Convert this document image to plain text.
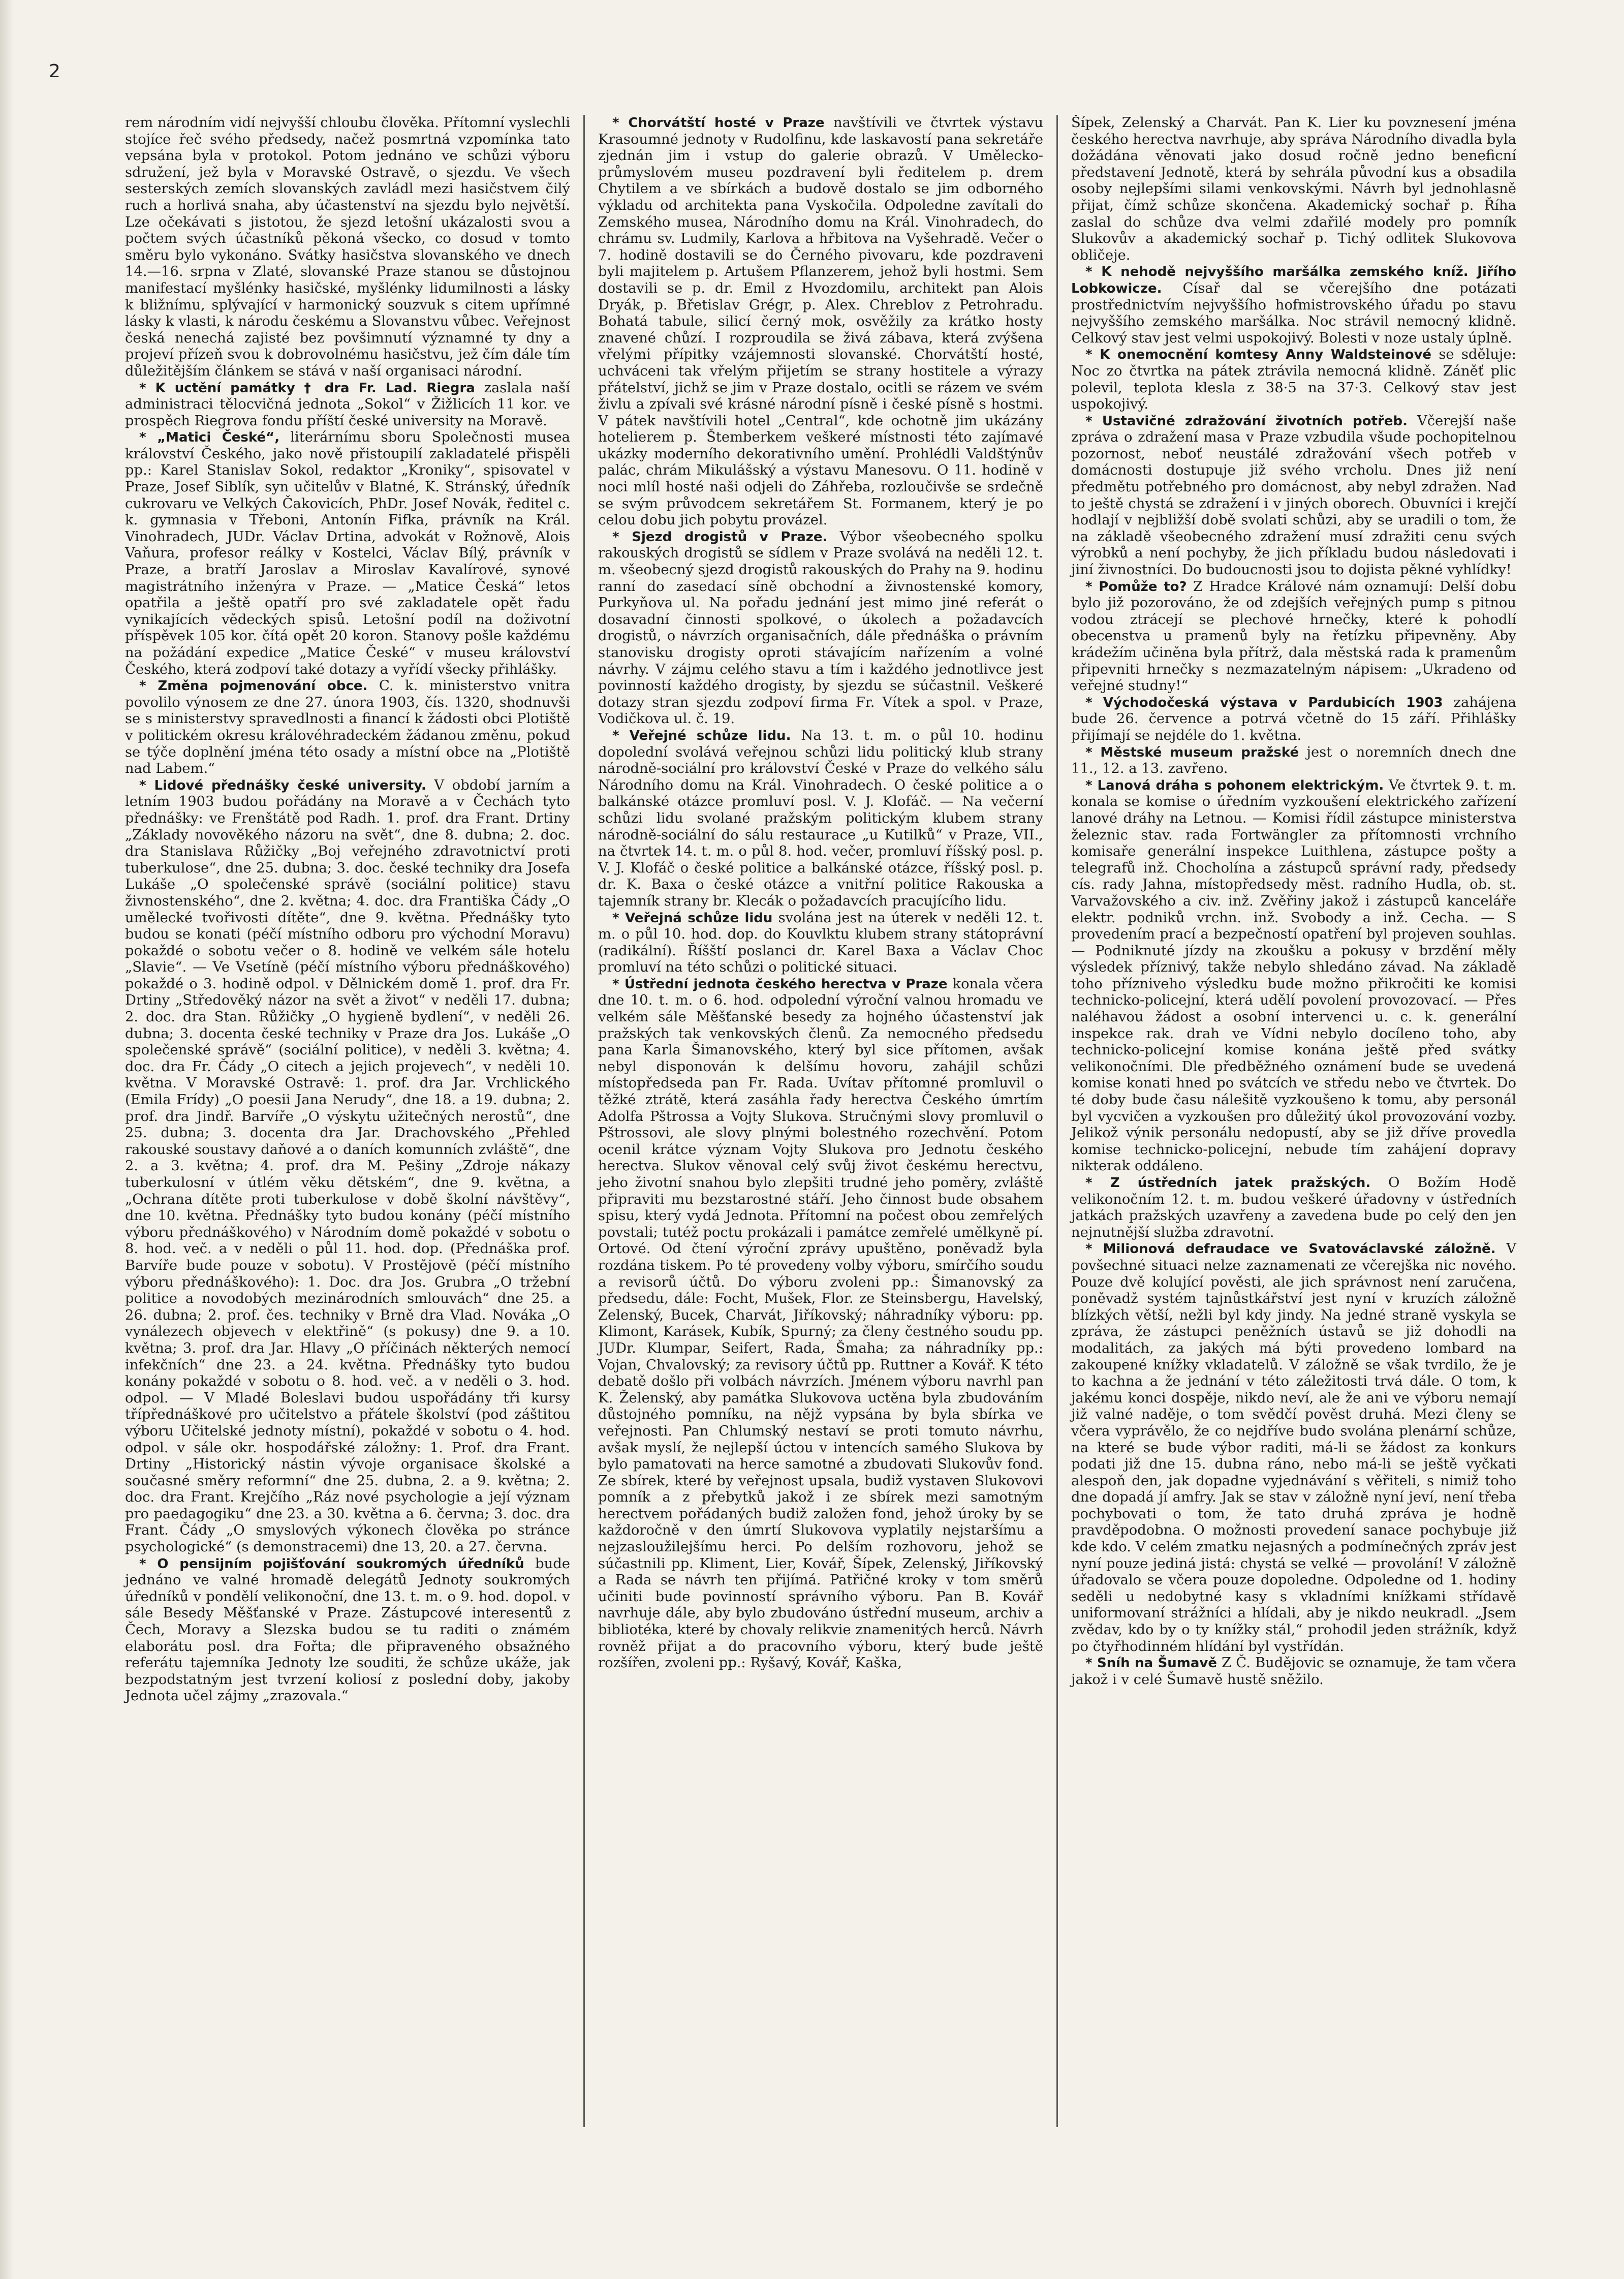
2

rem národním vidí nejvyšší chloubu člověka. Přítomní vyslechli stojíce řeč svého předsedy, načež posmrtná vzpomínka tato vepsána byla v protokol. Potom jednáno ve schůzi výboru sdružení, jež byla v Moravské Ostravě, o sjezdu. Ve všech sesterských zemích slovanských zavládl mezi hasičstvem čilý ruch a horlivá snaha, aby účastenství na sjezdu bylo největší. Lze očekávati s jistotou, že sjezd letošní ukázalosti svou a počtem svých účastníků pěkoná všecko, co dosud v tomto směru bylo vykonáno. Svátky hasičstva slovanského ve dnech 14.—16. srpna v Zlaté, slovanské Praze stanou se důstojnou manifestací myšlénky hasičské, myšlénky lidumilnosti a lásky k bližnímu, splývající v harmonický souzvuk s citem upřímné lásky k vlasti, k národu českému a Slovanstvu vůbec. Veřejnost česká nenechá zajisté bez povšimnutí významné ty dny a projeví přízeň svou k dobrovolnému hasičstvu, jež čím dále tím důležitějším článkem se stává v naší organisaci národní.

* K uctění památky † dra Fr. Lad. Riegra zaslala naší administraci tělocvičná jednota „Sokol“ v Žižlicích 11 kor. ve prospěch Riegrova fondu příští české university na Moravě.

* „Matici České“, literárnímu sboru Společnosti musea království Českého, jako nově přistoupilí zakladatelé přispěli pp.: Karel Stanislav Sokol, redaktor „Kroniky“, spisovatel v Praze, Josef Siblík, syn učitelův v Blatné, K. Stránský, úředník cukrovaru ve Velkých Čakovicích, PhDr. Josef Novák, ředitel c. k. gymnasia v Třeboni, Antonín Fifka, právník na Král. Vinohradech, JUDr. Václav Drtina, advokát v Rožnově, Alois Vaňura, profesor reálky v Kostelci, Václav Bílý, právník v Praze, a bratří Jaroslav a Miroslav Kavalírové, synové magistrátního inženýra v Praze. — „Matice Česká“ letos opatřila a ještě opatří pro své zakladatele opět řadu vynikajících vědeckých spisů. Letošní podíl na doživotní příspěvek 105 kor. čítá opět 20 koron. Stanovy pošle každému na požádání expedice „Matice České“ v museu království Českého, která zodpoví také dotazy a vyřídí všecky přihlášky.

* Změna pojmenování obce. C. k. ministerstvo vnitra povolilo výnosem ze dne 27. února 1903, čís. 1320, shodnuvši se s ministerstvy spravedlnosti a financí k žádosti obci Plotiště v politickém okresu královéhradeckém žádanou změnu, pokud se týče doplnění jména této osady a místní obce na „Plotiště nad Labem.“

* Lidové přednášky české university. V období jarním a letním 1903 budou pořádány na Moravě a v Čechách tyto přednášky: ve Frenštátě pod Radh. 1. prof. dra Frant. Drtiny „Základy novověkého názoru na svět“, dne 8. dubna; 2. doc. dra Stanislava Růžičky „Boj veřejného zdravotnictví proti tuberkulose“, dne 25. dubna; 3. doc. české techniky dra Josefa Lukáše „O společenské správě (sociální politice) stavu živnostenského“, dne 2. května; 4. doc. dra Františka Čády „O umělecké tvořivosti dítěte“, dne 9. května. Přednášky tyto budou se konati (péčí místního odboru pro východní Moravu) pokaždé o sobotu večer o 8. hodině ve velkém sále hotelu „Slavie“. — Ve Vsetíně (péčí místního výboru přednáškového) pokaždé o 3. hodině odpol. v Dělnickém domě 1. prof. dra Fr. Drtiny „Středověký názor na svět a život“ v neděli 17. dubna; 2. doc. dra Stan. Růžičky „O hygieně bydlení“, v neděli 26. dubna; 3. docenta české techniky v Praze dra Jos. Lukáše „O společenské správě“ (sociální politice), v neděli 3. května; 4. doc. dra Fr. Čády „O citech a jejich projevech“, v neděli 10. května. V Moravské Ostravě: 1. prof. dra Jar. Vrchlického (Emila Frídy) „O poesii Jana Nerudy“, dne 18. a 19. dubna; 2. prof. dra Jindř. Barvíře „O výskytu užitečných nerostů“, dne 25. dubna; 3. docenta dra Jar. Drachovského „Přehled rakouské soustavy daňové a o daních komunních zvláště“, dne 2. a 3. května; 4. prof. dra M. Pešiny „Zdroje nákazy tuberkulosní v útlém věku dětském“, dne 9. května, a „Ochrana dítěte proti tuberkulose v době školní návštěvy“, dne 10. května. Přednášky tyto budou konány (péčí místního výboru přednáškového) v Národním domě pokaždé v sobotu o 8. hod. več. a v neděli o půl 11. hod. dop. (Přednáška prof. Barvíře bude pouze v sobotu). V Prostějově (péčí místního výboru přednáškového): 1. Doc. dra Jos. Grubra „O tržební politice a novodobých mezinárodních smlouvách“ dne 25. a 26. dubna; 2. prof. čes. techniky v Brně dra Vlad. Nováka „O vynálezech objevech v elektřině“ (s pokusy) dne 9. a 10. května; 3. prof. dra Jar. Hlavy „O příčinách některých nemocí infekčních“ dne 23. a 24. května. Přednášky tyto budou konány pokaždé v sobotu o 8. hod. več. a v neděli o 3. hod. odpol. — V Mladé Boleslavi budou uspořádány tři kursy třípřednáškové pro učitelstvo a přátele školství (pod záštitou výboru Učitelské jednoty místní), pokaždé v sobotu o 4. hod. odpol. v sále okr. hospodářské záložny: 1. Prof. dra Frant. Drtiny „Historický nástin vývoje organisace školské a současné směry reformní“ dne 25. dubna, 2. a 9. května; 2. doc. dra Frant. Krejčího „Ráz nové psychologie a její význam pro paedagogiku“ dne 23. a 30. května a 6. června; 3. doc. dra Frant. Čády „O smyslových výkonech člověka po stránce psychologické“ (s demonstracemi) dne 13, 20. a 27. června.

* O pensijním pojišťování soukromých úředníků bude jednáno ve valné hromadě delegátů Jednoty soukromých úředníků v pondělí velikonoční, dne 13. t. m. o 9. hod. dopol. v sále Besedy Měšťanské v Praze. Zástupcové interesentů z Čech, Moravy a Slezska budou se tu raditi o známém elaborátu posl. dra Fořta; dle připraveného obsažného referátu tajemníka Jednoty lze souditi, že schůze ukáže, jak bezpodstatným jest tvrzení koliosí z poslední doby, jakoby Jednota učel zájmy „zrazovala.“

* Chorvátští hosté v Praze navštívili ve čtvrtek výstavu Krasoumné jednoty v Rudolfinu, kde laskavostí pana sekretáře zjednán jim i vstup do galerie obrazů. V Umělecko-průmyslovém museu pozdravení byli ředitelem p. drem Chytilem a ve sbírkách a budově dostalo se jim odborného výkladu od architekta pana Vyskočila. Odpoledne zavítali do Zemského musea, Národního domu na Král. Vinohradech, do chrámu sv. Ludmily, Karlova a hřbitova na Vyšehradě. Večer o 7. hodině dostavili se do Černého pivovaru, kde pozdraveni byli majitelem p. Artušem Pflanzerem, jehož byli hostmi. Sem dostavili se p. dr. Emil z Hvozdomilu, architekt pan Alois Dryák, p. Břetislav Grégr, p. Alex. Chreblov z Petrohradu. Bohatá tabule, silicí černý mok, osvěžily za krátko hosty znavené chůzí. I rozproudila se živá zábava, která zvýšena vřelými přípitky vzájemnosti slovanské. Chorvátští hosté, uchváceni tak vřelým přijetím se strany hostitele a výrazy přátelství, jichž se jim v Praze dostalo, ocitli se rázem ve svém živlu a zpívali své krásné národní písně i české písně s hostmi. V pátek navštívili hotel „Central“, kde ochotně jim ukázány hotelierem p. Štemberkem veškeré místnosti této zajímavé ukázky moderního dekorativního umění. Prohlédli Valdštýnův palác, chrám Mikulášský a výstavu Manesovu. O 11. hodině v noci mlíl hosté naši odjeli do Záhřeba, rozloučivše se srdečně se svým průvodcem sekretářem St. Formanem, který je po celou dobu jich pobytu provázel.

* Sjezd drogistů v Praze. Výbor všeobecného spolku rakouských drogistů se sídlem v Praze svolává na neděli 12. t. m. všeobecný sjezd drogistů rakouských do Prahy na 9. hodinu ranní do zasedací síně obchodní a živnostenské komory, Purkyňova ul. Na pořadu jednání jest mimo jiné referát o dosavadní činnosti spolkové, o úkolech a požadavcích drogistů, o návrzích organisačních, dále přednáška o právním stanovisku drogisty oproti stávajícím nařízením a volné návrhy. V zájmu celého stavu a tím i každého jednotlivce jest povinností každého drogisty, by sjezdu se súčastnil. Veškeré dotazy stran sjezdu zodpoví firma Fr. Vítek a spol. v Praze, Vodičkova ul. č. 19.

* Veřejné schůze lidu. Na 13. t. m. o půl 10. hodinu dopolední svolává veřejnou schůzi lidu politický klub strany národně-sociální pro království České v Praze do velkého sálu Národního domu na Král. Vinohradech. O české politice a o balkánské otázce promluví posl. V. J. Klofáč. — Na večerní schůzi lidu svolané pražským politickým klubem strany národně-sociální do sálu restaurace „u Kutilků“ v Praze, VII., na čtvrtek 14. t. m. o půl 8. hod. večer, promluví říšský posl. p. V. J. Klofáč o české politice a balkánské otázce, říšský posl. p. dr. K. Baxa o české otázce a vnitřní politice Rakouska a tajemník strany br. Klecák o požadavcích pracujícího lidu.

* Veřejná schůze lidu svolána jest na úterek v neděli 12. t. m. o půl 10. hod. dop. do Kouvlktu klubem strany státoprávní (radikální). Říšští poslanci dr. Karel Baxa a Václav Choc promluví na této schůzi o politické situaci.

* Ústřední jednota českého herectva v Praze konala včera dne 10. t. m. o 6. hod. odpolední výroční valnou hromadu ve velkém sále Měšťanské besedy za hojného účastenství jak pražských tak venkovských členů. Za nemocného předsedu pana Karla Šimanovského, který byl sice přítomen, avšak nebyl disponován k delšímu hovoru, zahájil schůzi místopředseda pan Fr. Rada. Uvítav přítomné promluvil o těžké ztrátě, která zasáhla řady herectva Českého úmrtím Adolfa Pštrossa a Vojty Slukova. Stručnými slovy promluvil o Pštrossovi, ale slovy plnými bolestného rozechvění. Potom ocenil krátce význam Vojty Slukova pro Jednotu českého herectva. Slukov věnoval celý svůj život českému herectvu, jeho životní snahou bylo zlepšiti trudné jeho poměry, zvláště připraviti mu bezstarostné stáří. Jeho činnost bude obsahem spisu, který vydá Jednota. Přítomní na počest obou zemřelých povstali; tutéž poctu prokázali i památce zemřelé umělkyně pí. Ortové. Od čtení výroční zprávy upuštěno, poněvadž byla rozdána tiskem. Po té provedeny volby výboru, smírčího soudu a revisorů účtů. Do výboru zvoleni pp.: Šimanovský za předsedu, dále: Focht, Mušek, Flor. ze Steinsbergu, Havelský, Zelenský, Bucek, Charvát, Jiříkovský; náhradníky výboru: pp. Klimont, Karásek, Kubík, Spurný; za členy čestného soudu pp. JUDr. Klumpar, Seifert, Rada, Šmaha; za náhradníky pp.: Vojan, Chvalovský; za revisory účtů pp. Ruttner a Kovář. K této debatě došlo při volbách návrzích. Jménem výboru navrhl pan K. Želenský, aby památka Slukovova uctěna byla zbudováním důstojného pomníku, na nějž vypsána by byla sbírka ve veřejnosti. Pan Chlumský nestaví se proti tomuto návrhu, avšak myslí, že nejlepší úctou v intencích samého Slukova by bylo pamatovati na herce samotné a zbudovati Slukovův fond. Ze sbírek, které by veřejnost upsala, budiž vystaven Slukovovi pomník a z přebytků jakož i ze sbírek mezi samotným herectvem pořádaných budiž založen fond, jehož úroky by se každoročně v den úmrtí Slukovova vyplatily nejstaršímu a nejzasloužilejšímu herci. Po delším rozhovoru, jehož se súčastnili pp. Kliment, Lier, Kovář, Šípek, Zelenský, Jiříkovský a Rada se návrh ten přijímá. Patřičné kroky v tom směrů učiniti bude povinností správního výboru. Pan B. Kovář navrhuje dále, aby bylo zbudováno ústřední museum, archiv a bibliotéka, které by chovaly relikvie znamenitých herců. Návrh rovněž přijat a do pracovního výboru, který bude ještě rozšířen, zvoleni pp.: Ryšavý, Kovář, Kaška,

Šípek, Zelenský a Charvát. Pan K. Lier ku povznesení jména českého herectva navrhuje, aby správa Národního divadla byla dožádána věnovati jako dosud ročně jedno beneficní představení Jednotě, která by sehrála původní kus a obsadila osoby nejlepšími silami venkovskými. Návrh byl jednohlasně přijat, čímž schůze skončena. Akademický sochař p. Říha zaslal do schůze dva velmi zdařilé modely pro pomník Slukovův a akademický sochař p. Tichý odlitek Slukovova obličeje.

* K nehodě nejvyššího maršálka zemského kníž. Jiřího Lobkowicze. Císař dal se včerejšího dne potázati prostřednictvím nejvyššího hofmistrovského úřadu po stavu nejvyššího zemského maršálka. Noc strávil nemocný klidně. Celkový stav jest velmi uspokojivý. Bolesti v noze ustaly úplně.

* K onemocnění komtesy Anny Waldsteinové se sděluje: Noc zo čtvrtka na pátek ztrávila nemocná klidně. Záněť plic polevil, teplota klesla z 38·5 na 37·3. Celkový stav jest uspokojivý.

* Ustavičné zdražování životních potřeb. Včerejší naše zpráva o zdražení masa v Praze vzbudila všude pochopitelnou pozornost, neboť neustálé zdražování všech potřeb v domácnosti dostupuje již svého vrcholu. Dnes již není předmětu potřebného pro domácnost, aby nebyl zdražen. Nad to ještě chystá se zdražení i v jiných oborech. Obuvníci i krejčí hodlají v nejbližší době svolati schůzi, aby se uradili o tom, že na základě všeobecného zdražení musí zdražiti cenu svých výrobků a není pochyby, že jich příkladu budou následovati i jiní živnostníci. Do budoucnosti jsou to dojista pěkné vyhlídky!

* Pomůže to? Z Hradce Králové nám oznamují: Delší dobu bylo již pozorováno, že od zdejších veřejných pump s pitnou vodou ztrácejí se plechové hrnečky, které k pohodlí obecenstva u pramenů byly na řetízku připevněny. Aby krádežím učiněna byla přítrž, dala městská rada k pramenům připevniti hrnečky s nezmazatelným nápisem: „Ukradeno od veřejné studny!“

* Východočeská výstava v Pardubicích 1903 zahájena bude 26. července a potrvá včetně do 15 září. Přihlášky přijímají se nejdéle do 1. května.

* Městské museum pražské jest o noremních dnech dne 11., 12. a 13. zavřeno.

* Lanová dráha s pohonem elektrickým. Ve čtvrtek 9. t. m. konala se komise o úředním vyzkoušení elektrického zařízení lanové dráhy na Letnou. — Komisi řídil zástupce ministerstva železnic stav. rada Fortwängler za přítomnosti vrchního komisaře generální inspekce Luithlena, zástupce pošty a telegrafů inž. Chocholína a zástupců správní rady, předsedy cís. rady Jahna, místopředsedy měst. radního Hudla, ob. st. Varvažovského a civ. inž. Zvěřiny jakož i zástupců kanceláře elektr. podniků vrchn. inž. Svobody a inž. Cecha. — S provedením prací a bezpečností opatření byl projeven souhlas. — Podniknuté jízdy na zkoušku a pokusy v brzdění měly výsledek příznivý, takže nebylo shledáno závad. Na základě toho přízniveho výsledku bude možno přikročiti ke komisi technicko-policejní, která udělí povolení provozovací. — Přes naléhavou žádost a osobní intervenci u. c. k. generální inspekce rak. drah ve Vídni nebylo docíleno toho, aby technicko-policejní komise konána ještě před svátky velikonočními. Dle předběžného oznámení bude se uvedená komise konati hned po svátcích ve středu nebo ve čtvrtek. Do té doby bude času nálešitě vyzkoušeno k tomu, aby personál byl vycvičen a vyzkoušen pro důležitý úkol provozování vozby. Jelikož výnik personálu nedopustí, aby se již dříve provedla komise technicko-policejní, nebude tím zahájení dopravy nikterak oddáleno.

* Z ústředních jatek pražských. O Božím Hodě velikonočním 12. t. m. budou veškeré úřadovny v ústředních jatkách pražských uzavřeny a zavedena bude po celý den jen nejnutnější služba zdravotní.

* Milionová defraudace ve Svatováclavské záložně. V povšechné situaci nelze zaznamenati ze včerejška nic nového. Pouze dvě kolující pověsti, ale jich správnost není zaručena, poněvadž systém tajnůstkářství jest nyní v kruzích záložně blízkých větší, nežli byl kdy jindy. Na jedné straně vyskyla se zpráva, že zástupci peněžních ústavů se již dohodli na modalitách, za jakých má býti provedeno lombard na zakoupené knížky vkladatelů. V záložně se však tvrdilo, že je to kachna a že jednání v této záležitosti trvá dále. O tom, k jakému konci dospěje, nikdo neví, ale že ani ve výboru nemají již valné naděje, o tom svědčí pověst druhá. Mezi členy se včera vyprávělo, že co nejdříve budo svolána plenární schůze, na které se bude výbor raditi, má-li se žádost za konkurs podati již dne 15. dubna ráno, nebo má-li se ještě vyčkati alespoň den, jak dopadne vyjednávání s věřiteli, s nimiž toho dne dopadá jí amfry. Jak se stav v záložně nyní jeví, není třeba pochybovati o tom, že tato druhá zpráva je hodně pravděpodobna. O možnosti provedení sanace pochybuje již kde kdo. V celém zmatku nejasných a podmínečných zpráv jest nyní pouze jediná jistá: chystá se velké — provolání! V záložně úřadovalo se včera pouze dopoledne. Odpoledne od 1. hodiny seděli u nedobytné kasy s vkladními knížkami střídavě uniformovaní strážníci a hlídali, aby je nikdo neukradl. „Jsem zvědav, kdo by o ty knížky stál,“ prohodil jeden strážník, když po čtyřhodinném hlídání byl vystřídán.

* Sníh na Šumavě Z Č. Budějovic se oznamuje, že tam včera jakož i v celé Šumavě hustě sněžilo.
